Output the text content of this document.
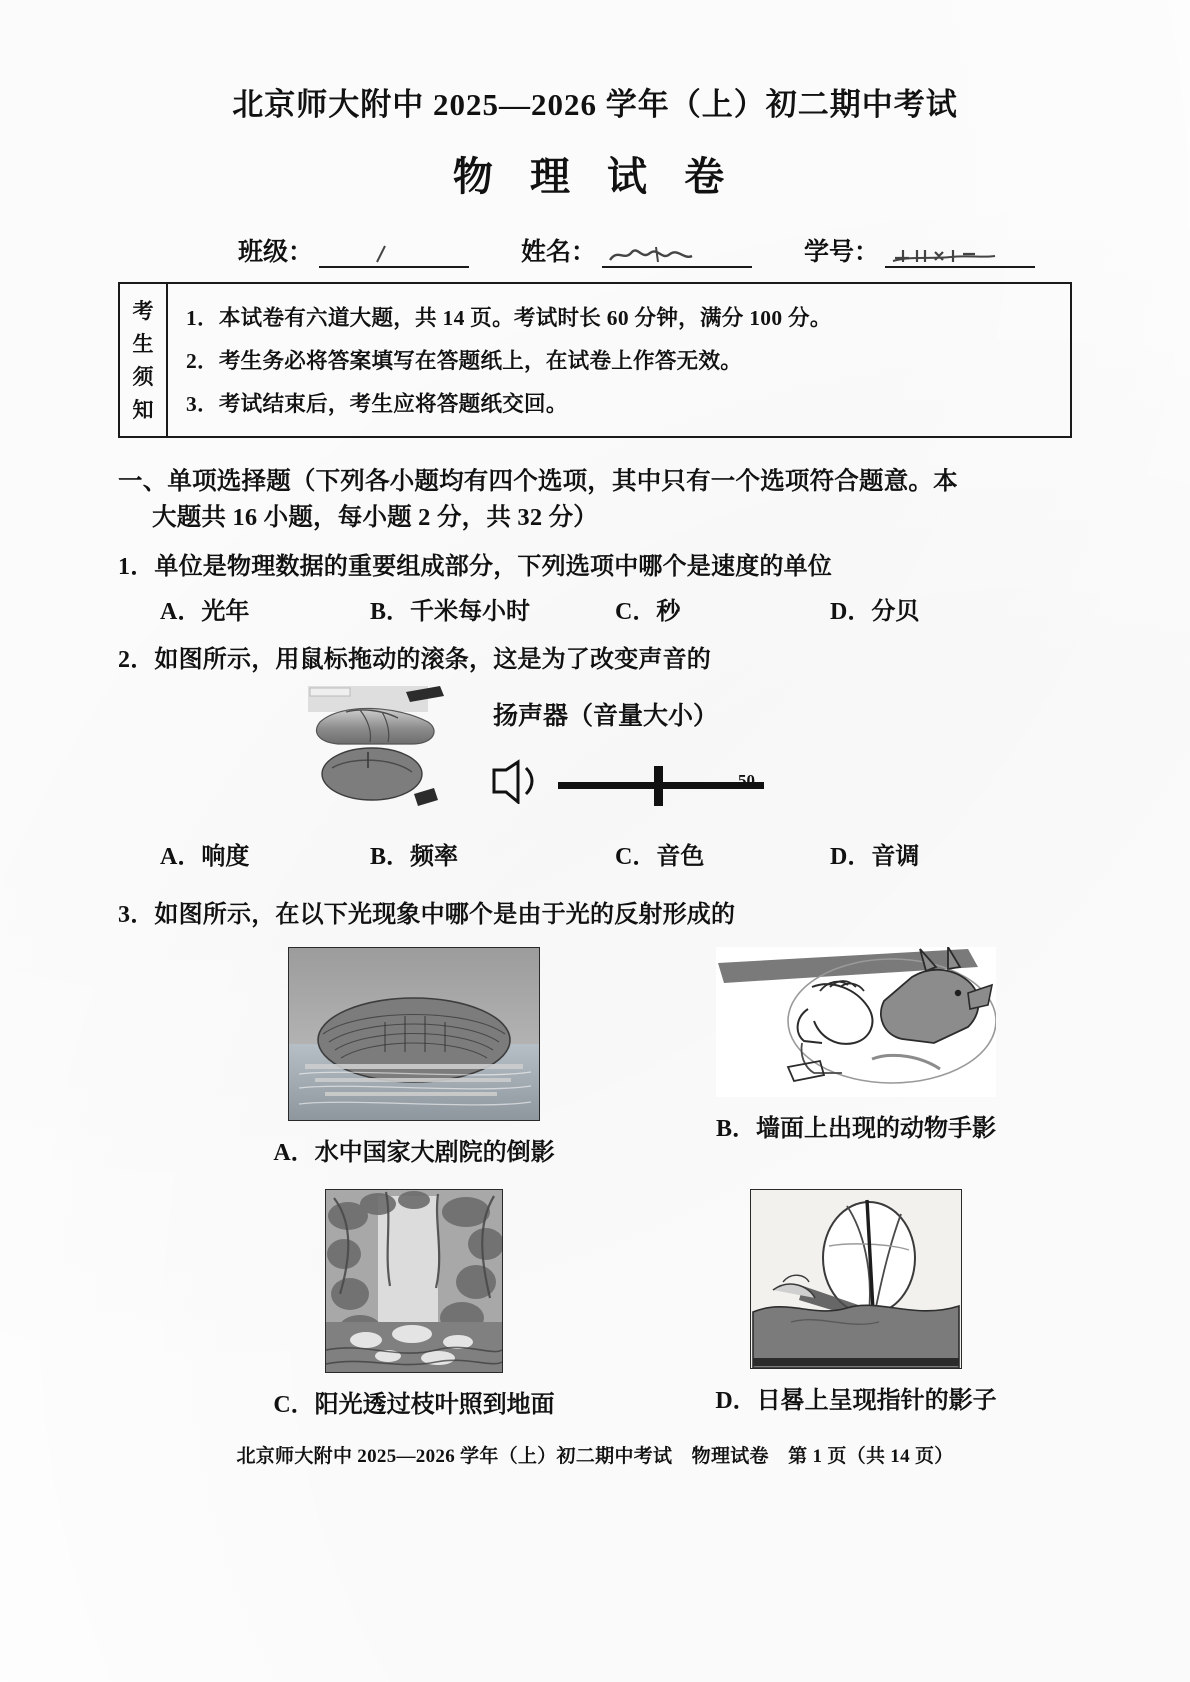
北京师大附中 2025—2026 学年（上）初二期中考试
物 理 试 卷
班级：	姓名：	学号：
考
生
须
知
1．本试卷有六道大题，共 14 页。考试时长 60 分钟，满分 100 分。
2．考生务必将答案填写在答题纸上，在试卷上作答无效。
3．考试结束后，考生应将答题纸交回。
一、单项选择题（下列各小题均有四个选项，其中只有一个选项符合题意。本
大题共 16 小题，每小题 2 分，共 32 分）
1．单位是物理数据的重要组成部分，下列选项中哪个是速度的单位
A．光年	B．千米每小时	C．秒	D．分贝
2．如图所示，用鼠标拖动的滚条，这是为了改变声音的
扬声器（音量大小）
50
A．响度	B．频率	C．音色	D．音调
3．如图所示，在以下光现象中哪个是由于光的反射形成的
A．水中国家大剧院的倒影
B．墙面上出现的动物手影
C．阳光透过枝叶照到地面	D．日晷上呈现指针的影子
北京师大附中 2025—2026 学年（上）初二期中考试　物理试卷　第 1 页（共 14 页）
